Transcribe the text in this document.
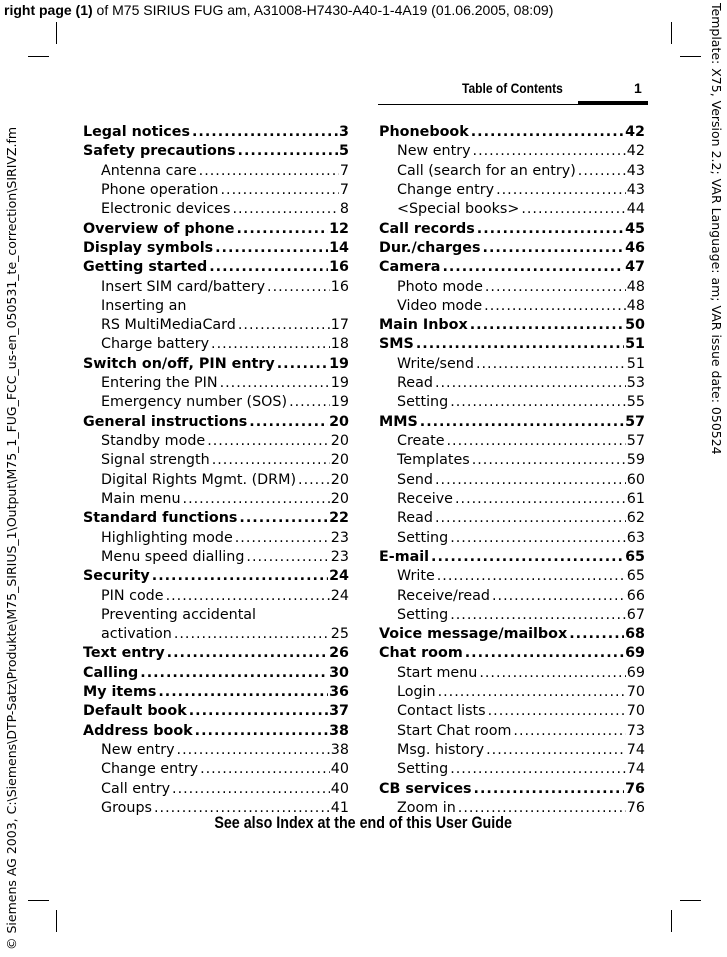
right page (1) of M75 SIRIUS FUG am, A31008-H7430-A40-1-4A19 (01.06.2005, 08:09)
© Siemens AG 2003, C:\Siemens\DTP-Satz\Produkte\M75_SIRIUS_1\Output\M75_1_FUG_FCC_us-en_050531_te_correction\SIRIVZ.fm	Template: X75, Version 2.2; VAR Language: am; VAR issue date: 050524
Table of Contents	1
Legal notices .....	3
Safety precautions .....	5
Antenna care .....	7
Phone operation .....	7
Electronic devices .....	8
Overview of phone .....	12
Display symbols .....	14
Getting started .....	16
Insert SIM card/battery .....	16
Inserting an
RS MultiMediaCard .....	17
Charge battery .....	18
Switch on/off, PIN entry .....	19
Entering the PIN .....	19
Emergency number (SOS) .....	19
General instructions .....	20
Standby mode .....	20
Signal strength .....	20
Digital Rights Mgmt. (DRM) ..... 20
Main menu .....	20
Standard functions .....	22
Highlighting mode .....	23
Menu speed dialling .....	23
Security .....	24
PIN code .....	24
Preventing accidental
activation .....	25
Text entry .....	26
Calling .....	30
My items .....	36
Default book .....	37
Address book .....	38
New entry .....	38
Change entry .....	40
Call entry .....	40
Groups .....	41
Phonebook .....	42
New entry .....	42
Call (search for an entry) .....	43
Change entry .....	43
<Special books> .....	44
Call records .....	45
Dur./charges .....	46
Camera .....	47
Photo mode .....	48
Video mode .....	48
Main Inbox .....	50
SMS .....	51
Write/send .....	51
Read .....	53
Setting .....	55
MMS .....	57
Create .....	57
Templates .....	59
Send .....	60
Receive .....	61
Read .....	62
Setting .....	63
E-mail .....	65
Write .....	65
Receive/read .....	66
Setting .....	67
Voice message/mailbox .....	68
Chat room .....	69
Start menu .....	69
Login .....	70
Contact lists .....	70
Start Chat room .....	73
Msg. history .....	74
Setting .....	74
CB services .....	76
Zoom in .....	76
See also Index at the end of this User Guide
